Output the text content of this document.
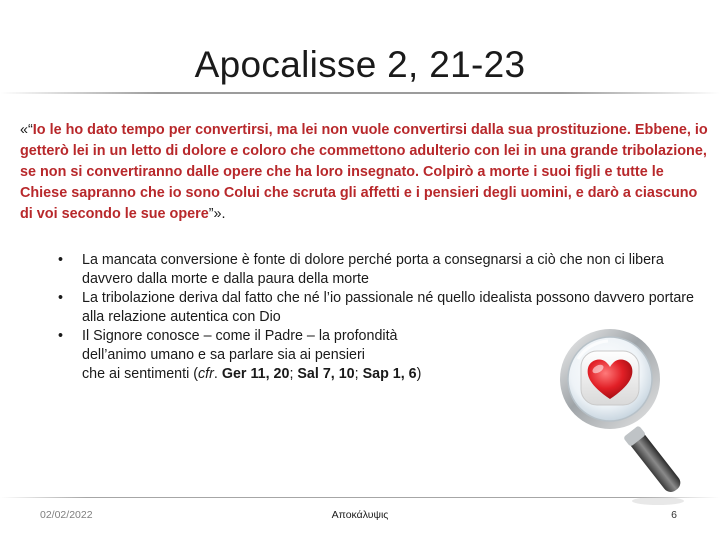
Apocalisse 2, 21-23
«“Io le ho dato tempo per convertirsi, ma lei non vuole convertirsi dalla sua prostituzione. Ebbene, io getterò lei in un letto di dolore e coloro che commettono adulterio con lei in una grande tribolazione, se non si convertiranno dalle opere che ha loro insegnato. Colpirò a morte i suoi figli e tutte le Chiese sapranno che io sono Colui che scruta gli affetti e i pensieri degli uomini, e darò a ciascuno di voi secondo le sue opere”».
• La mancata conversione è fonte di dolore perché porta a consegnarsi a ciò che non ci libera davvero dalla morte e dalla paura della morte
• La tribolazione deriva dal fatto che né l’io passionale né quello idealista possono davvero portare alla relazione autentica con Dio
• Il Signore conosce – come il Padre – la profondità
dell’animo umano e sa parlare sia ai pensieri
che ai sentimenti (cfr. Ger 11, 20; Sal 7, 10; Sap 1, 6)
02/02/2022	Αποκάλυψις	6
